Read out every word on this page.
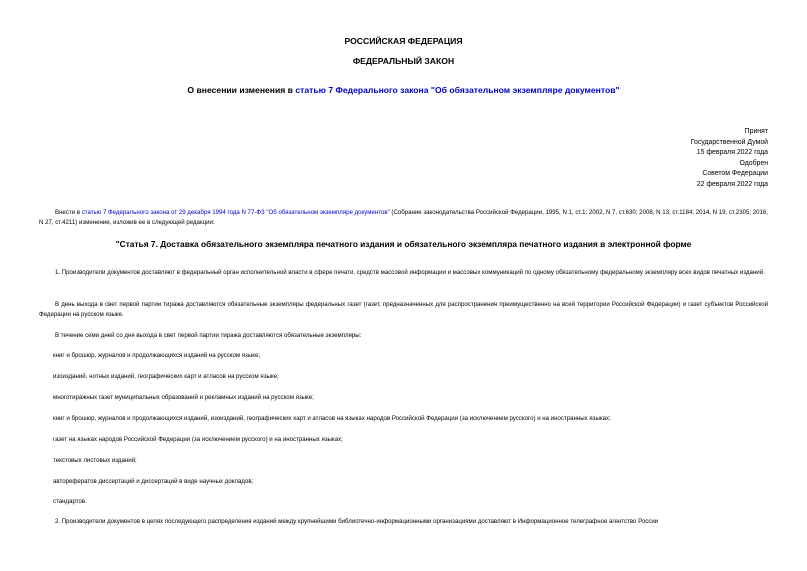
РОССИЙСКАЯ ФЕДЕРАЦИЯ
ФЕДЕРАЛЬНЫЙ ЗАКОН
О внесении изменения в статью 7 Федерального закона "Об обязательном экземпляре документов"
Принят
Государственной Думой
15 февраля 2022 года
Одобрен
Советом Федерации
22 февраля 2022 года
Внести в статью 7 Федерального закона от 29 декабря 1994 года N 77-ФЗ "Об обязательном экземпляре документов" (Собрание законодательства Российской Федерации, 1995, N 1, ст.1; 2002, N 7, ст.630; 2008, N 13, ст.1184; 2014, N 19, ст.2305; 2016, N 27, ст.4211) изменение, изложив ее в следующей редакции:
"Статья 7. Доставка обязательного экземпляра печатного издания и обязательного экземпляра печатного издания в электронной форме
1. Производители документов доставляют в федеральный орган исполнительной власти в сфере печати, средств массовой информации и массовых коммуникаций по одному обязательному федеральному экземпляру всех видов печатных изданий.
В день выхода в свет первой партии тиража доставляются обязательные экземпляры федеральных газет (газет, предназначенных для распространения преимущественно на всей территории Российской Федерации) и газет субъектов Российской Федерации на русском языке.
В течение семи дней со дня выхода в свет первой партии тиража доставляются обязательные экземпляры:
книг и брошюр, журналов и продолжающихся изданий на русском языке;
изоизданий, нотных изданий, географических карт и атласов на русском языке;
многотиражных газет муниципальных образований и рекламных изданий на русском языке;
книг и брошюр, журналов и продолжающихся изданий, изоизданий, географических карт и атласов на языках народов Российской Федерации (за исключением русского) и на иностранных языках;
газет на языках народов Российской Федерации (за исключением русского) и на иностранных языках;
текстовых листовых изданий;
авторефератов диссертаций и диссертаций в виде научных докладов;
стандартов.
2. Производители документов в целях последующего распределения изданий между крупнейшими библиотечно-информационными организациями доставляют в Информационное телеграфное агентство России
